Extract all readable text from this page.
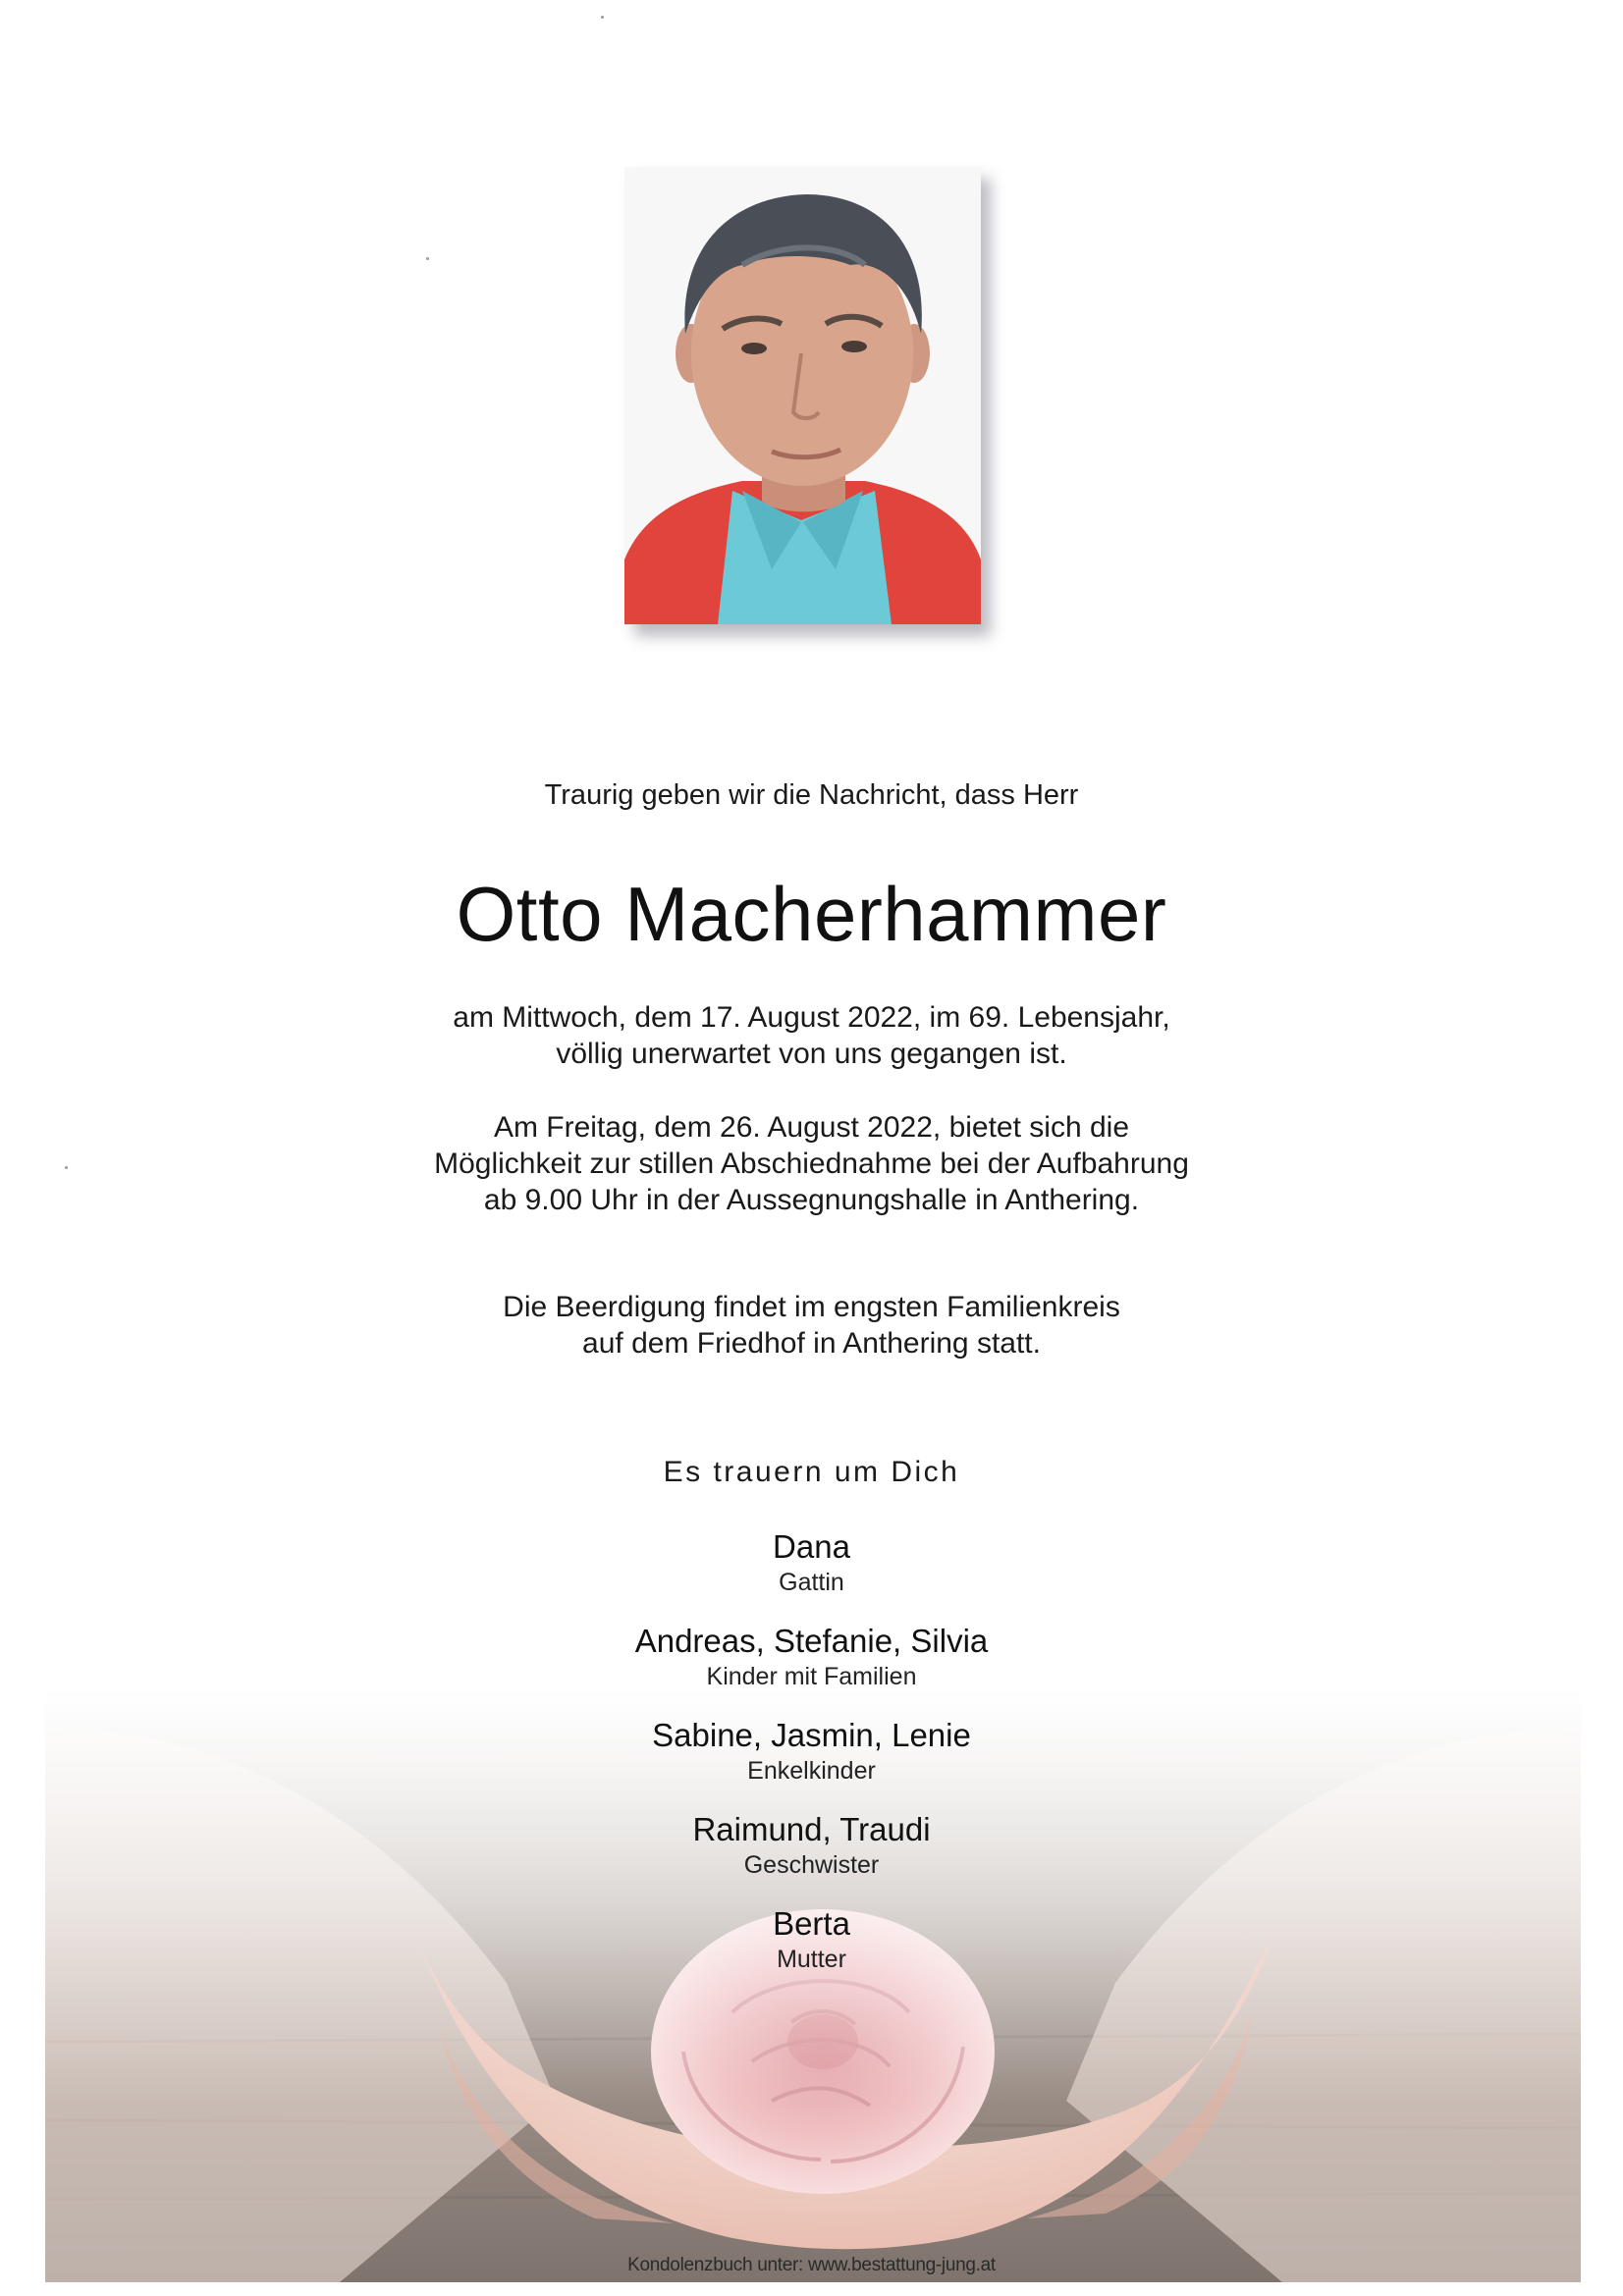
Traurig geben wir die Nachricht, dass Herr
Otto Macherhammer
am Mittwoch, dem 17. August 2022, im 69. Lebensjahr,
völlig unerwartet von uns gegangen ist.
Am Freitag, dem 26. August 2022, bietet sich die
Möglichkeit zur stillen Abschiednahme bei der Aufbahrung
ab 9.00 Uhr in der Aussegnungshalle in Anthering.
Die Beerdigung findet im engsten Familienkreis
auf dem Friedhof in Anthering statt.
Es trauern um Dich
Dana
Gattin
Andreas, Stefanie, Silvia
Kinder mit Familien
Sabine, Jasmin, Lenie
Enkelkinder
Raimund, Traudi
Geschwister
Berta
Mutter
Kondolenzbuch unter: www.bestattung-jung.at
